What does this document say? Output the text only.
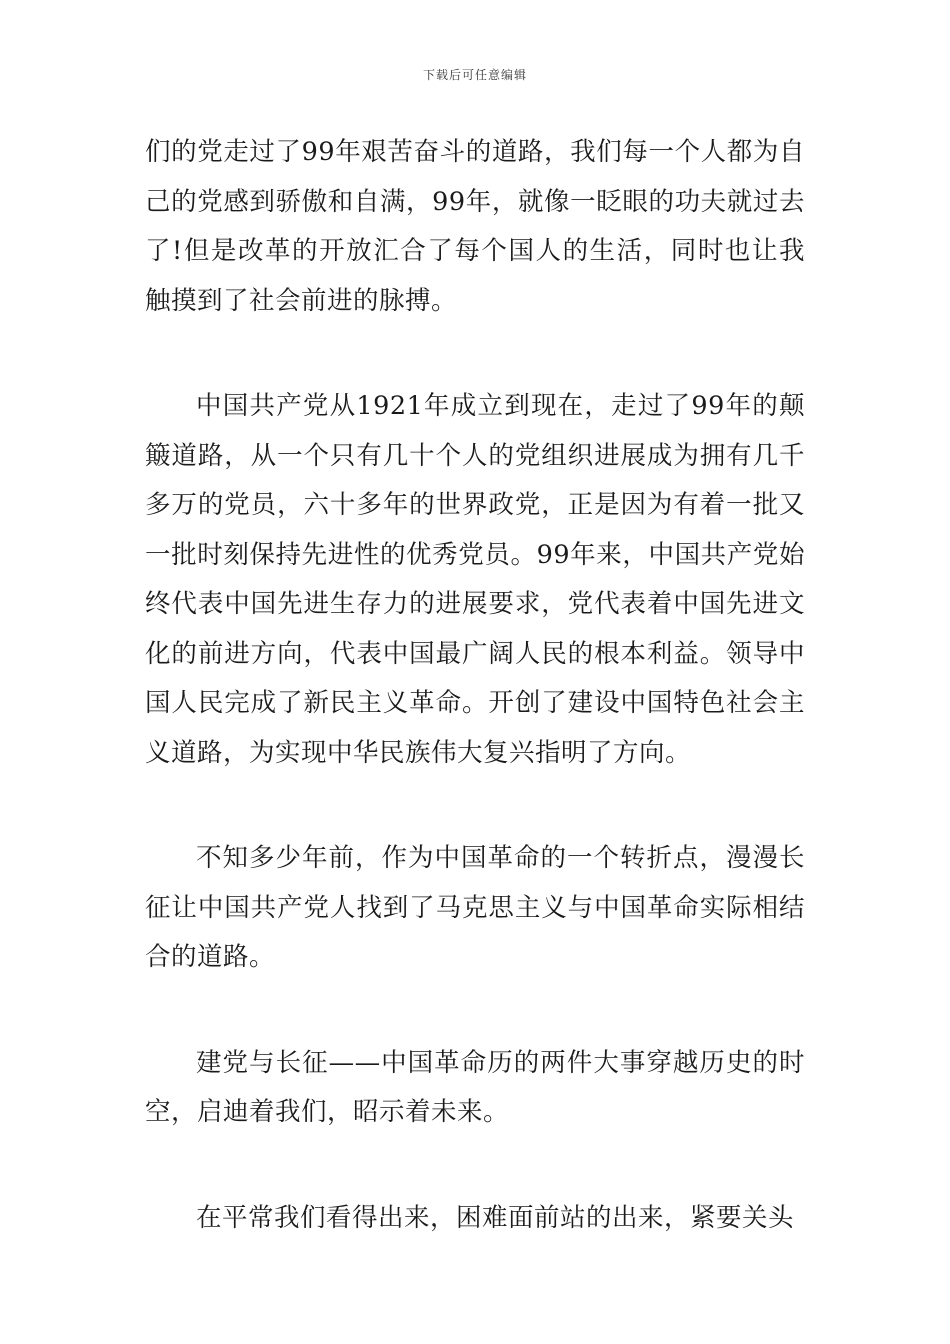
下载后可任意编辑

们的党走过了99年艰苦奋斗的道路，我们每一个人都为自己的党感到骄傲和自满，99年，就像一眨眼的功夫就过去了!但是改革的开放汇合了每个国人的生活，同时也让我触摸到了社会前进的脉搏。

中国共产党从1921年成立到现在，走过了99年的颠簸道路，从一个只有几十个人的党组织进展成为拥有几千多万的党员，六十多年的世界政党，正是因为有着一批又一批时刻保持先进性的优秀党员。99年来，中国共产党始终代表中国先进生存力的进展要求，党代表着中国先进文化的前进方向，代表中国最广阔人民的根本利益。领导中国人民完成了新民主义革命。开创了建设中国特色社会主义道路，为实现中华民族伟大复兴指明了方向。

不知多少年前，作为中国革命的一个转折点，漫漫长征让中国共产党人找到了马克思主义与中国革命实际相结合的道路。

建党与长征——中国革命历的两件大事穿越历史的时空，启迪着我们，昭示着未来。

在平常我们看得出来，困难面前站的出来，紧要关头
